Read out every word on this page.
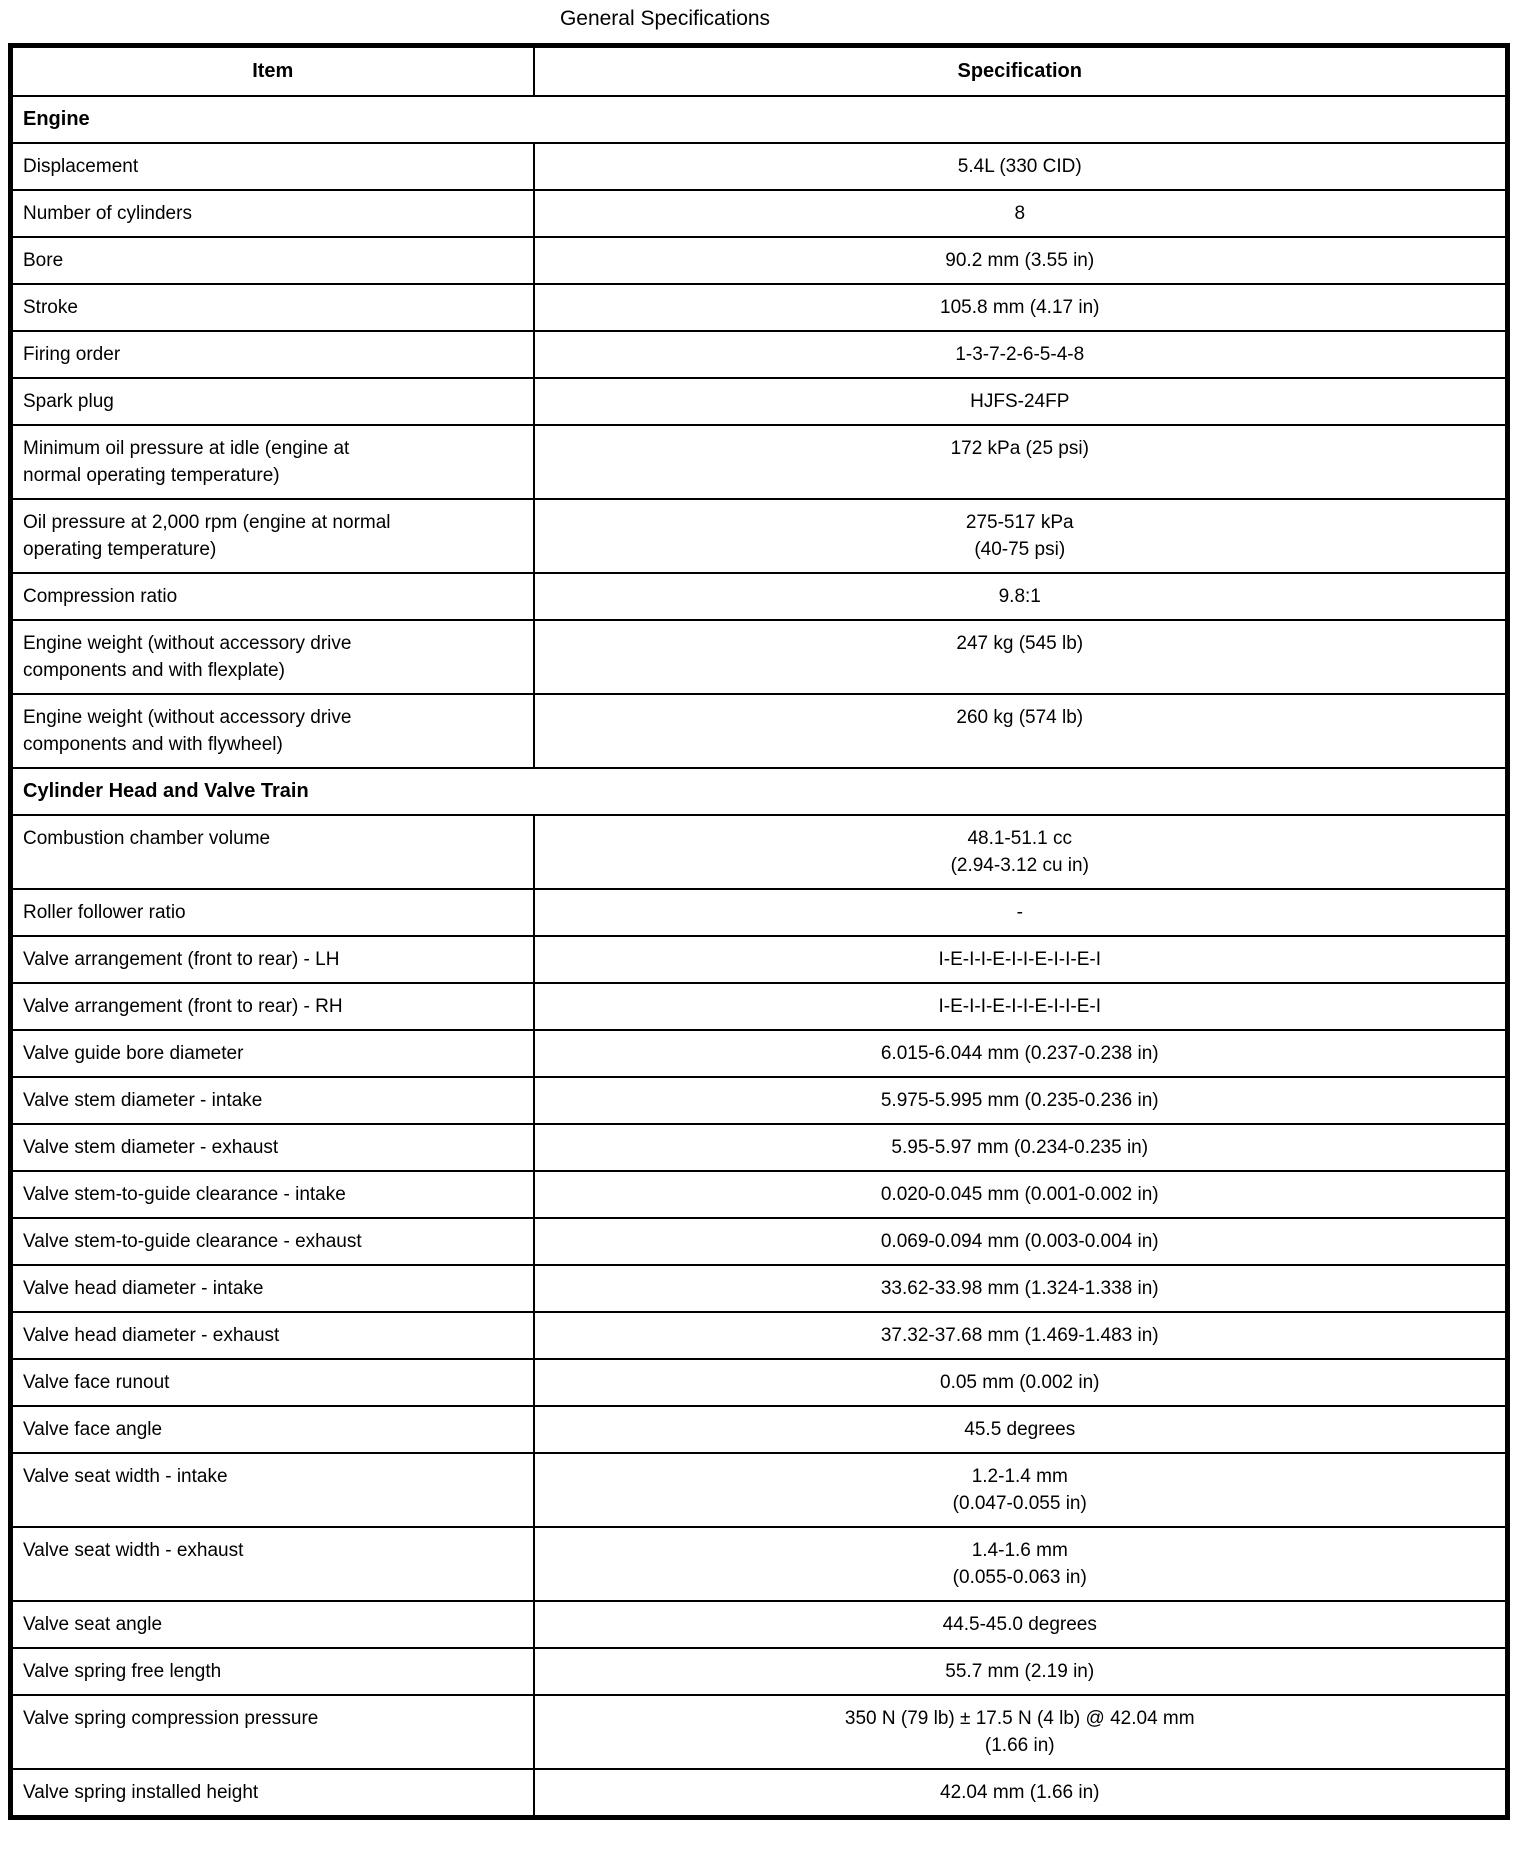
General Specifications
Item	Specification
Engine	
Displacement	5.4L (330 CID)
Number of cylinders	8
Bore	90.2 mm (3.55 in)
Stroke	105.8 mm (4.17 in)
Firing order	1-3-7-2-6-5-4-8
Spark plug	HJFS-24FP
Minimum oil pressure at idle (engine at
normal operating temperature)	172 kPa (25 psi)
Oil pressure at 2,000 rpm (engine at normal
operating temperature)	275-517 kPa
(40-75 psi)
Compression ratio	9.8:1
Engine weight (without accessory drive
components and with flexplate)	247 kg (545 lb)
Engine weight (without accessory drive
components and with flywheel)	260 kg (574 lb)
Cylinder Head and Valve Train	
Combustion chamber volume	48.1-51.1 cc
(2.94-3.12 cu in)
Roller follower ratio	-
Valve arrangement (front to rear) - LH	I-E-I-I-E-I-I-E-I-I-E-I
Valve arrangement (front to rear) - RH	I-E-I-I-E-I-I-E-I-I-E-I
Valve guide bore diameter	6.015-6.044 mm (0.237-0.238 in)
Valve stem diameter - intake	5.975-5.995 mm (0.235-0.236 in)
Valve stem diameter - exhaust	5.95-5.97 mm (0.234-0.235 in)
Valve stem-to-guide clearance - intake	0.020-0.045 mm (0.001-0.002 in)
Valve stem-to-guide clearance - exhaust	0.069-0.094 mm (0.003-0.004 in)
Valve head diameter - intake	33.62-33.98 mm (1.324-1.338 in)
Valve head diameter - exhaust	37.32-37.68 mm (1.469-1.483 in)
Valve face runout	0.05 mm (0.002 in)
Valve face angle	45.5 degrees
Valve seat width - intake	1.2-1.4 mm
(0.047-0.055 in)
Valve seat width - exhaust	1.4-1.6 mm
(0.055-0.063 in)
Valve seat angle	44.5-45.0 degrees
Valve spring free length	55.7 mm (2.19 in)
Valve spring compression pressure	350 N (79 lb) ± 17.5 N (4 lb) @ 42.04 mm
(1.66 in)
Valve spring installed height	42.04 mm (1.66 in)
